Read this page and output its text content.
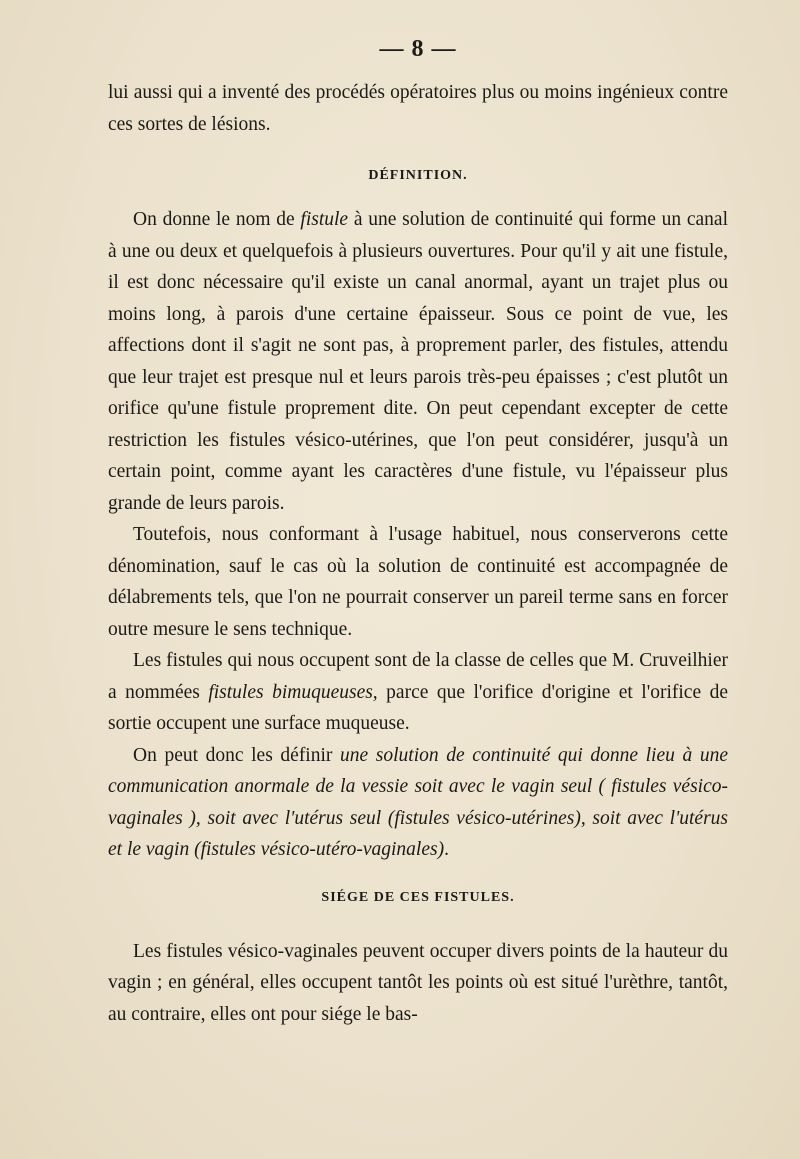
— 8 —

lui aussi qui a inventé des procédés opératoires plus ou moins ingénieux contre ces sortes de lésions.

DÉFINITION.

On donne le nom de fistule à une solution de continuité qui forme un canal à une ou deux et quelquefois à plusieurs ouvertures. Pour qu'il y ait une fistule, il est donc nécessaire qu'il existe un canal anormal, ayant un trajet plus ou moins long, à parois d'une certaine épaisseur. Sous ce point de vue, les affections dont il s'agit ne sont pas, à proprement parler, des fistules, attendu que leur trajet est presque nul et leurs parois très-peu épaisses ; c'est plutôt un orifice qu'une fistule proprement dite. On peut cependant excepter de cette restriction les fistules vésico-utérines, que l'on peut considérer, jusqu'à un certain point, comme ayant les caractères d'une fistule, vu l'épaisseur plus grande de leurs parois.

Toutefois, nous conformant à l'usage habituel, nous conserverons cette dénomination, sauf le cas où la solution de continuité est accompagnée de délabrements tels, que l'on ne pourrait conserver un pareil terme sans en forcer outre mesure le sens technique.

Les fistules qui nous occupent sont de la classe de celles que M. Cruveilhier a nommées fistules bimuqueuses, parce que l'orifice d'origine et l'orifice de sortie occupent une surface muqueuse.

On peut donc les définir une solution de continuité qui donne lieu à une communication anormale de la vessie soit avec le vagin seul ( fistules vésico-vaginales ), soit avec l'utérus seul (fistules vésico-utérines), soit avec l'utérus et le vagin (fistules vésico-utéro-vaginales).

SIÉGE DE CES FISTULES.

Les fistules vésico-vaginales peuvent occuper divers points de la hauteur du vagin ; en général, elles occupent tantôt les points où est situé l'urèthre, tantôt, au contraire, elles ont pour siége le bas-
